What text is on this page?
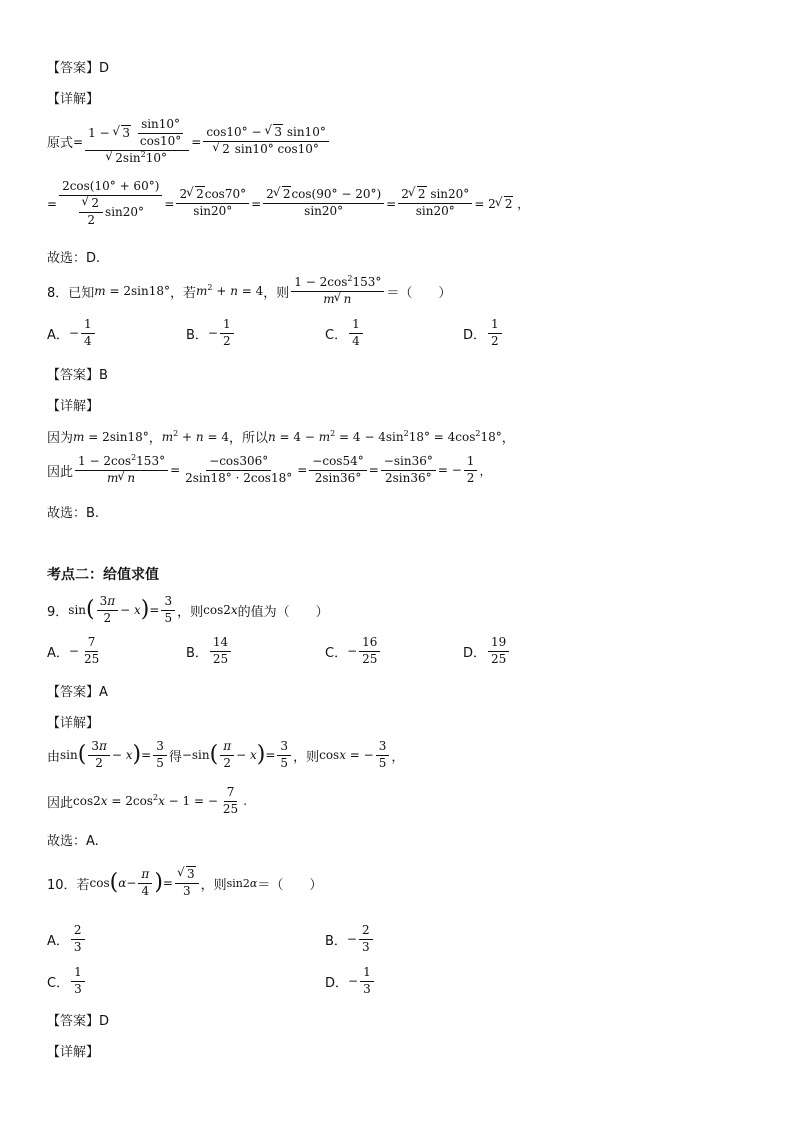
【答案】D
【详解】
原式 = 1 − √ $3 \frac{\sin 10^\circ}{\cos 10^\circ}$
√ $2\sin^210^\circ = \cos 10^\circ$ − √ 3 sin10°
√ 2 sin10° cos10°
= 2cos(10° + 60°)
√ $\frac{2}{2} \sin 20^\circ = \frac{2√ 2\cos 70^\circ}{\sin 20^\circ} = \frac{2√ 2\cos(90^\circ - 20^\circ)}{\sin 20^\circ} = \frac{2√ 2 \sin 20^\circ}{\sin 20^\circ} = 2√$ 2 ，
故选：D.
8． 已知 m = 2sin18° ， 若 $m^2 + n = 4$ ， 则 $\frac{1 - 2\cos^2153^\circ}{m√ n}$ ＝（　　）
A． − $\frac{1}{4}$	B． − $\frac{1}{2}$	C． $\frac{1}{4}$	D． $\frac{1}{2}$
【答案】B
【详解】
因为 m = 2sin18° ， $m^2 + n = 4$ ， 所以 $n = 4 - m^2 = 4 - 4\sin^218^\circ = 4\cos^218^\circ$ ，
因此 $\frac{1 - 2\cos^2153^\circ}{m√ n} = \frac{-\cos 306^\circ}{2\sin 18^\circ \cdot 2\cos 18^\circ} = \frac{-\cos 54^\circ}{2\sin 36^\circ} = \frac{-\sin 36^\circ}{2\sin 36^\circ}$ = − $\frac{1}{2}$ ，
故选：B.
考点二：给值求值
9． sin ( $\frac{3\pi}{2} - x$ ) = $\frac{3}{5}$ ， 则 cos2x 的值为（　　）
A． − $\frac{7}{25}$	B． $\frac{14}{25}$	C． − $\frac{16}{25}$	D． $\frac{19}{25}$
【答案】A
【详解】
由 sin ( $\frac{3\pi}{2} - x$ ) = $\frac{3}{5}$ 得 −sin ( $\frac{\pi}{2} - x$ ) = $\frac{3}{5}$ ， 则 cosx = − $\frac{3}{5}$ ，
因此 $\cos 2x = 2\cos^2x - 1$ = − $\frac{7}{25}$ .
故选：A.
10．若 cos ( $\alpha - \frac{\pi}{4}$ ) =
√ $\frac{3}{3}$ ， 则 sin2α ＝（　　）
A． $\frac{2}{3}$	B． − $\frac{2}{3}$
C． $\frac{1}{3}$	D． − $\frac{1}{3}$
【答案】D
【详解】
